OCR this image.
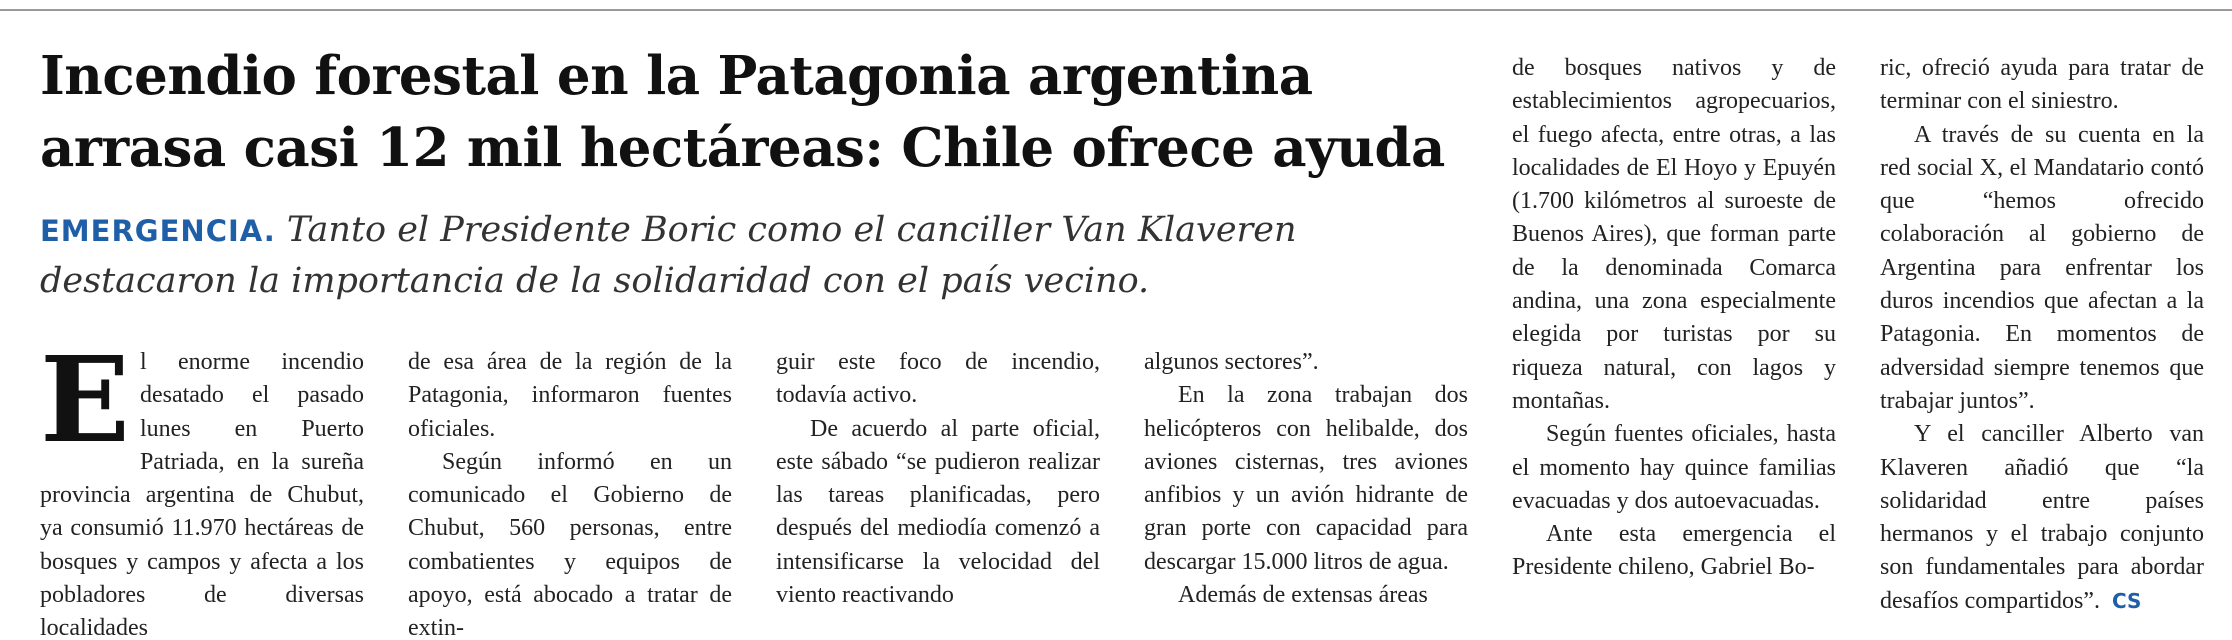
Incendio forestal en la Patagonia argentina arrasa casi 12 mil hectáreas: Chile ofrece ayuda

EMERGENCIA. Tanto el Presidente Boric como el canciller Van Klaveren destacaron la importancia de la solidaridad con el país vecino.

E l enorme incendio desatado el pasado lunes en Puerto Patriada, en la sureña provincia argentina de Chubut, ya consumió 11.970 hectáreas de bosques y campos y afecta a los pobladores de diversas localidades

de esa área de la región de la Patagonia, informaron fuentes oficiales.

Según informó en un comunicado el Gobierno de Chubut, 560 personas, entre combatientes y equipos de apoyo, está abocado a tratar de extin-

guir este foco de incendio, todavía activo.

De acuerdo al parte oficial, este sábado “se pudieron realizar las tareas planificadas, pero después del mediodía comenzó a intensificarse la velocidad del viento reactivando

algunos sectores”.

En la zona trabajan dos helicópteros con helibalde, dos aviones cisternas, tres aviones anfibios y un avión hidrante de gran porte con capacidad para descargar 15.000 litros de agua.

Además de extensas áreas

de bosques nativos y de establecimientos agropecuarios, el fuego afecta, entre otras, a las localidades de El Hoyo y Epuyén (1.700 kilómetros al suroeste de Buenos Aires), que forman parte de la denominada Comarca andina, una zona especialmente elegida por turistas por su riqueza natural, con lagos y montañas.

Según fuentes oficiales, hasta el momento hay quince familias evacuadas y dos autoevacuadas.

Ante esta emergencia el Presidente chileno, Gabriel Bo-

ric, ofreció ayuda para tratar de terminar con el siniestro.

A través de su cuenta en la red social X, el Mandatario contó que “hemos ofrecido colaboración al gobierno de Argentina para enfrentar los duros incendios que afectan a la Patagonia. En momentos de adversidad siempre tenemos que trabajar juntos”.

Y el canciller Alberto van Klaveren añadió que “la solidaridad entre países hermanos y el trabajo conjunto son fundamentales para abordar desafíos compartidos”. CS
